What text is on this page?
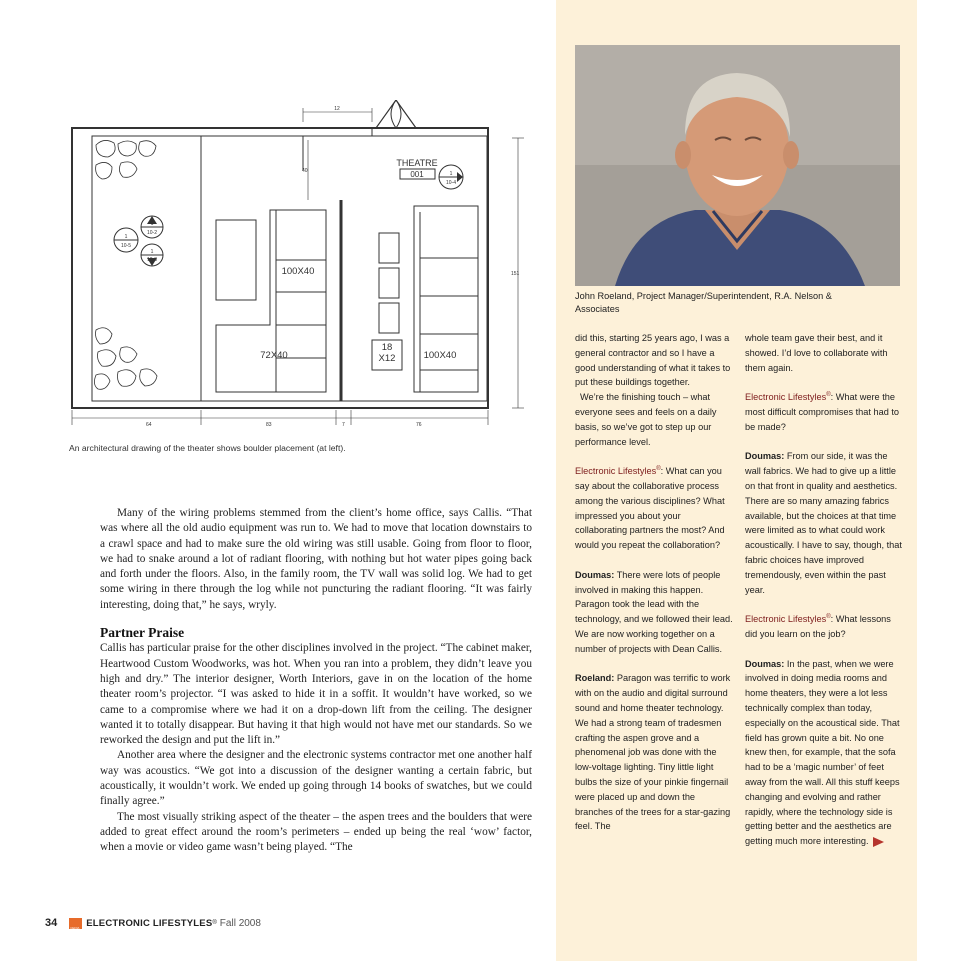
THEATRE
001	1
10-4
1
10-2
1
10-5
1
10-3
100X40
72X40
18
X12	100X40
12
40
151
64	83	7	76
An architectural drawing of the theater shows boulder placement (at left).

Many of the wiring problems stemmed from the client’s home office, says Callis. “That was where all the old audio equipment was run to. We had to move that location downstairs to a crawl space and had to make sure the old wiring was still usable. Going from floor to floor, we had to snake around a lot of radiant flooring, with nothing but hot water pipes going back and forth under the floors. Also, in the family room, the TV wall was solid log. We had to get some wiring in there through the log while not puncturing the radiant flooring. “It was fairly interesting, doing that,” he says, wryly.

Partner Praise

Callis has particular praise for the other disciplines involved in the project. “The cabinet maker, Heartwood Custom Woodworks, was hot. When you ran into a problem, they didn’t leave you high and dry.” The interior designer, Worth Interiors, gave in on the location of the home theater room’s projector. “I was asked to hide it in a soffit. It wouldn’t have worked, so we came to a compromise where we had it on a drop-down lift from the ceiling. The designer wanted it to totally disappear. But having it that high would not have met our standards. So we reworked the design and put the lift in.”

Another area where the designer and the electronic systems contractor met one another half way was acoustics. “We got into a discussion of the designer wanting a certain fabric, but acoustically, it wouldn’t work. We ended up going through 14 books of swatches, but we could finally agree.”

The most visually striking aspect of the theater – the aspen trees and the boulders that were added to great effect around the room’s perimeters – ended up being the real ‘wow’ factor, when a movie or video game wasn’t being played. “The

John Roeland, Project Manager/Superintendent, R.A. Nelson & Associates

did this, starting 25 years ago, I was a general contractor and so I have a good understanding of what it takes to put these buildings together.

We’re the finishing touch – what everyone sees and feels on a daily basis, so we’ve got to step up our performance level.

Electronic Lifestyles®: What can you say about the collaborative process among the various disciplines? What impressed you about your collaborating partners the most? And would you repeat the collaboration?

Doumas: There were lots of people involved in making this happen. Paragon took the lead with the technology, and we followed their lead. We are now working together on a number of projects with Dean Callis.

Roeland: Paragon was terrific to work with on the audio and digital surround sound and home theater technology. We had a strong team of tradesmen crafting the aspen grove and a phenomenal job was done with the low-voltage lighting. Tiny little light bulbs the size of your pinkie fingernail were placed up and down the branches of the trees for a star-gazing feel. The

whole team gave their best, and it showed. I’d love to collaborate with them again.

Electronic Lifestyles®: What were the most difficult compromises that had to be made?

Doumas: From our side, it was the wall fabrics. We had to give up a little on that front in quality and aesthetics. There are so many amazing fabrics available, but the choices at that time were limited as to what could work acoustically. I have to say, though, that fabric choices have improved tremendously, even within the past year.

Electronic Lifestyles®: What lessons did you learn on the job?

Doumas: In the past, when we were involved in doing media rooms and home theaters, they were a lot less technically complex than today, especially on the acoustical side. That field has grown quite a bit. No one knew then, for example, that the sofa had to be a ‘magic number’ of feet away from the wall. All this stuff keeps changing and evolving and rather rapidly, where the technology side is getting better and the aesthetics are getting much more interesting.

34	CEDIA ELECTRONIC LIFESTYLES ® Fall 2008
